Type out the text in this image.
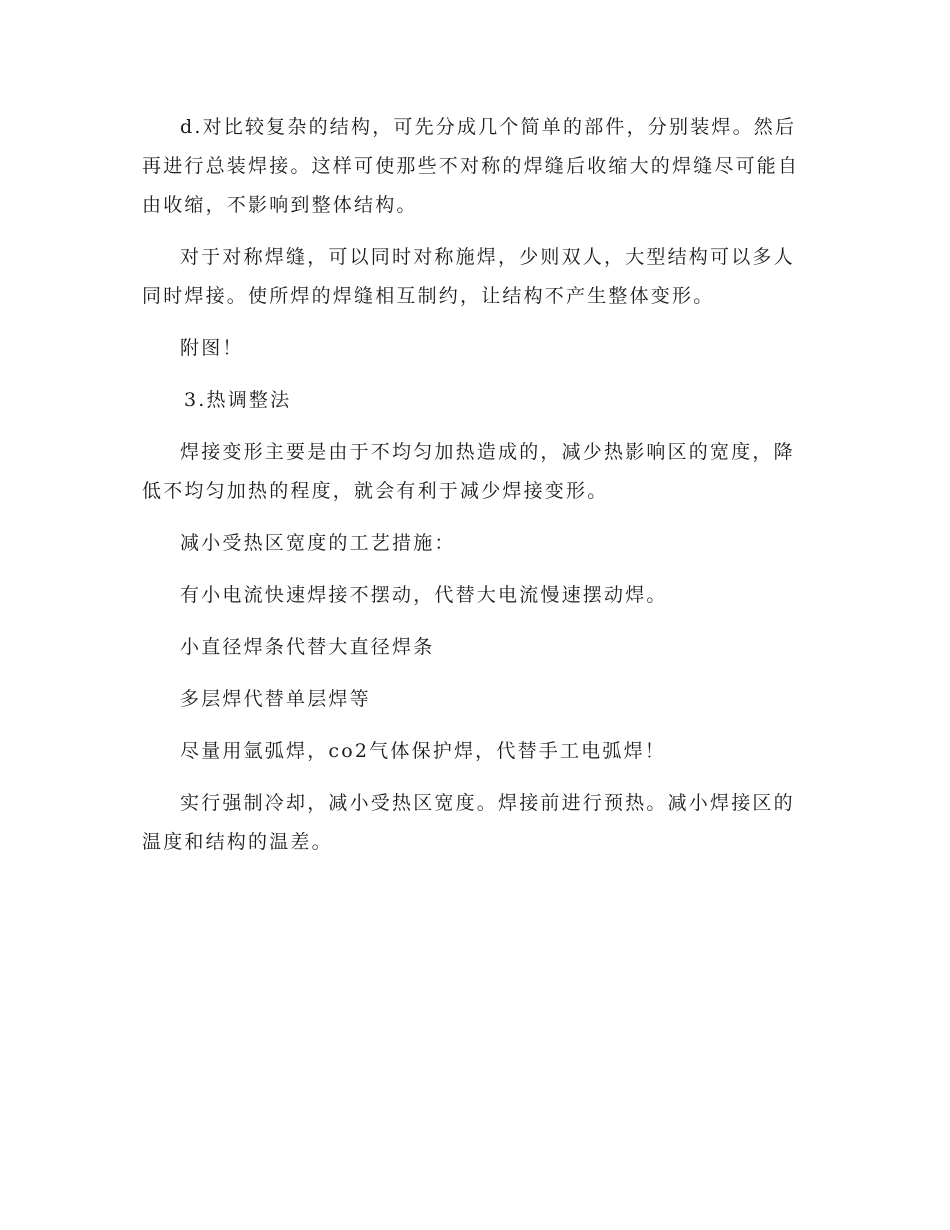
d.对比较复杂的结构，可先分成几个简单的部件，分别装焊。然后再进行总装焊接。这样可使那些不对称的焊缝后收缩大的焊缝尽可能自由收缩，不影响到整体结构。

对于对称焊缝，可以同时对称施焊，少则双人，大型结构可以多人同时焊接。使所焊的焊缝相互制约，让结构不产生整体变形。

附图！

3.热调整法

焊接变形主要是由于不均匀加热造成的，减少热影响区的宽度，降低不均匀加热的程度，就会有利于减少焊接变形。

减小受热区宽度的工艺措施：

有小电流快速焊接不摆动，代替大电流慢速摆动焊。

小直径焊条代替大直径焊条

多层焊代替单层焊等

尽量用氩弧焊，co2气体保护焊，代替手工电弧焊！

实行强制冷却，减小受热区宽度。焊接前进行预热。减小焊接区的温度和结构的温差。
